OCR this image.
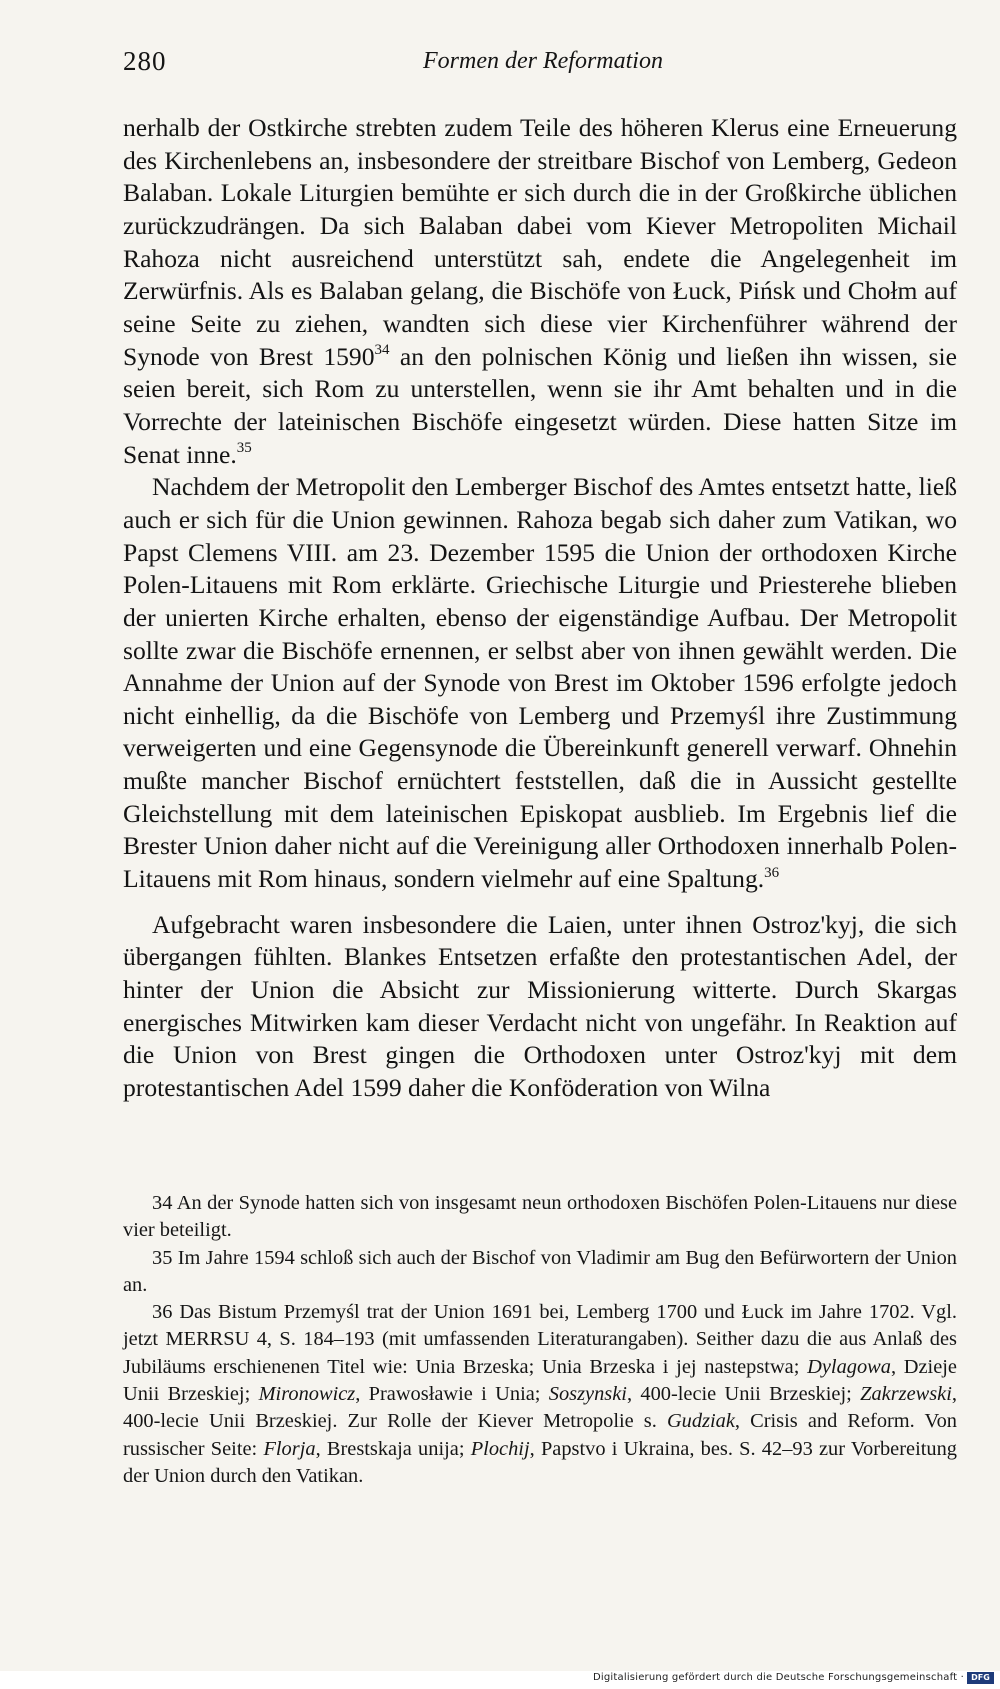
280	Formen der Reformation

nerhalb der Ostkirche strebten zudem Teile des höheren Klerus eine Erneuerung des Kirchenlebens an, insbesondere der streitbare Bischof von Lemberg, Gedeon Balaban. Lokale Liturgien bemühte er sich durch die in der Großkirche üblichen zurückzudrängen. Da sich Balaban dabei vom Kiever Metropoliten Michail Rahoza nicht ausreichend unterstützt sah, endete die Angelegenheit im Zerwürfnis. Als es Balaban gelang, die Bischöfe von Łuck, Pińsk und Chołm auf seine Seite zu ziehen, wandten sich diese vier Kirchenführer während der Synode von Brest 1590$^{34}$ an den polnischen König und ließen ihn wissen, sie seien bereit, sich Rom zu unterstellen, wenn sie ihr Amt behalten und in die Vorrechte der lateinischen Bischöfe eingesetzt würden. Diese hatten Sitze im Senat inne.$^{35}$

Nachdem der Metropolit den Lemberger Bischof des Amtes entsetzt hatte, ließ auch er sich für die Union gewinnen. Rahoza begab sich daher zum Vatikan, wo Papst Clemens VIII. am 23. Dezember 1595 die Union der orthodoxen Kirche Polen-Litauens mit Rom erklärte. Griechische Liturgie und Priesterehe blieben der unierten Kirche erhalten, ebenso der eigenständige Aufbau. Der Metropolit sollte zwar die Bischöfe ernennen, er selbst aber von ihnen gewählt werden. Die Annahme der Union auf der Synode von Brest im Oktober 1596 erfolgte jedoch nicht einhellig, da die Bischöfe von Lemberg und Przemyśl ihre Zustimmung verweigerten und eine Gegensynode die Übereinkunft generell verwarf. Ohnehin mußte mancher Bischof ernüchtert feststellen, daß die in Aussicht gestellte Gleichstellung mit dem lateinischen Episkopat ausblieb. Im Ergebnis lief die Brester Union daher nicht auf die Vereinigung aller Orthodoxen innerhalb Polen-Litauens mit Rom hinaus, sondern vielmehr auf eine Spaltung.$^{36}$

Aufgebracht waren insbesondere die Laien, unter ihnen Ostroz'kyj, die sich übergangen fühlten. Blankes Entsetzen erfaßte den protestantischen Adel, der hinter der Union die Absicht zur Missionierung witterte. Durch Skargas energisches Mitwirken kam dieser Verdacht nicht von ungefähr. In Reaktion auf die Union von Brest gingen die Orthodoxen unter Ostroz'kyj mit dem protestantischen Adel 1599 daher die Konföderation von Wilna

34 An der Synode hatten sich von insgesamt neun orthodoxen Bischöfen Polen-Litauens nur diese vier beteiligt.

35 Im Jahre 1594 schloß sich auch der Bischof von Vladimir am Bug den Befürwortern der Union an.

36 Das Bistum Przemyśl trat der Union 1691 bei, Lemberg 1700 und Łuck im Jahre 1702. Vgl. jetzt MERRSU 4, S. 184–193 (mit umfassenden Literaturangaben). Seither dazu die aus Anlaß des Jubiläums erschienenen Titel wie: Unia Brzeska; Unia Brzeska i jej nastepstwa; Dylagowa, Dzieje Unii Brzeskiej; Mironowicz, Prawosławie i Unia; Soszynski, 400-lecie Unii Brzeskiej; Zakrzewski, 400-lecie Unii Brzeskiej. Zur Rolle der Kiever Metropolie s. Gudziak, Crisis and Reform. Von russischer Seite: Florja, Brestskaja unija; Plochij, Papstvo i Ukraina, bes. S. 42–93 zur Vorbereitung der Union durch den Vatikan.

Digitalisierung gefördert durch die Deutsche Forschungsgemeinschaft · DFG
